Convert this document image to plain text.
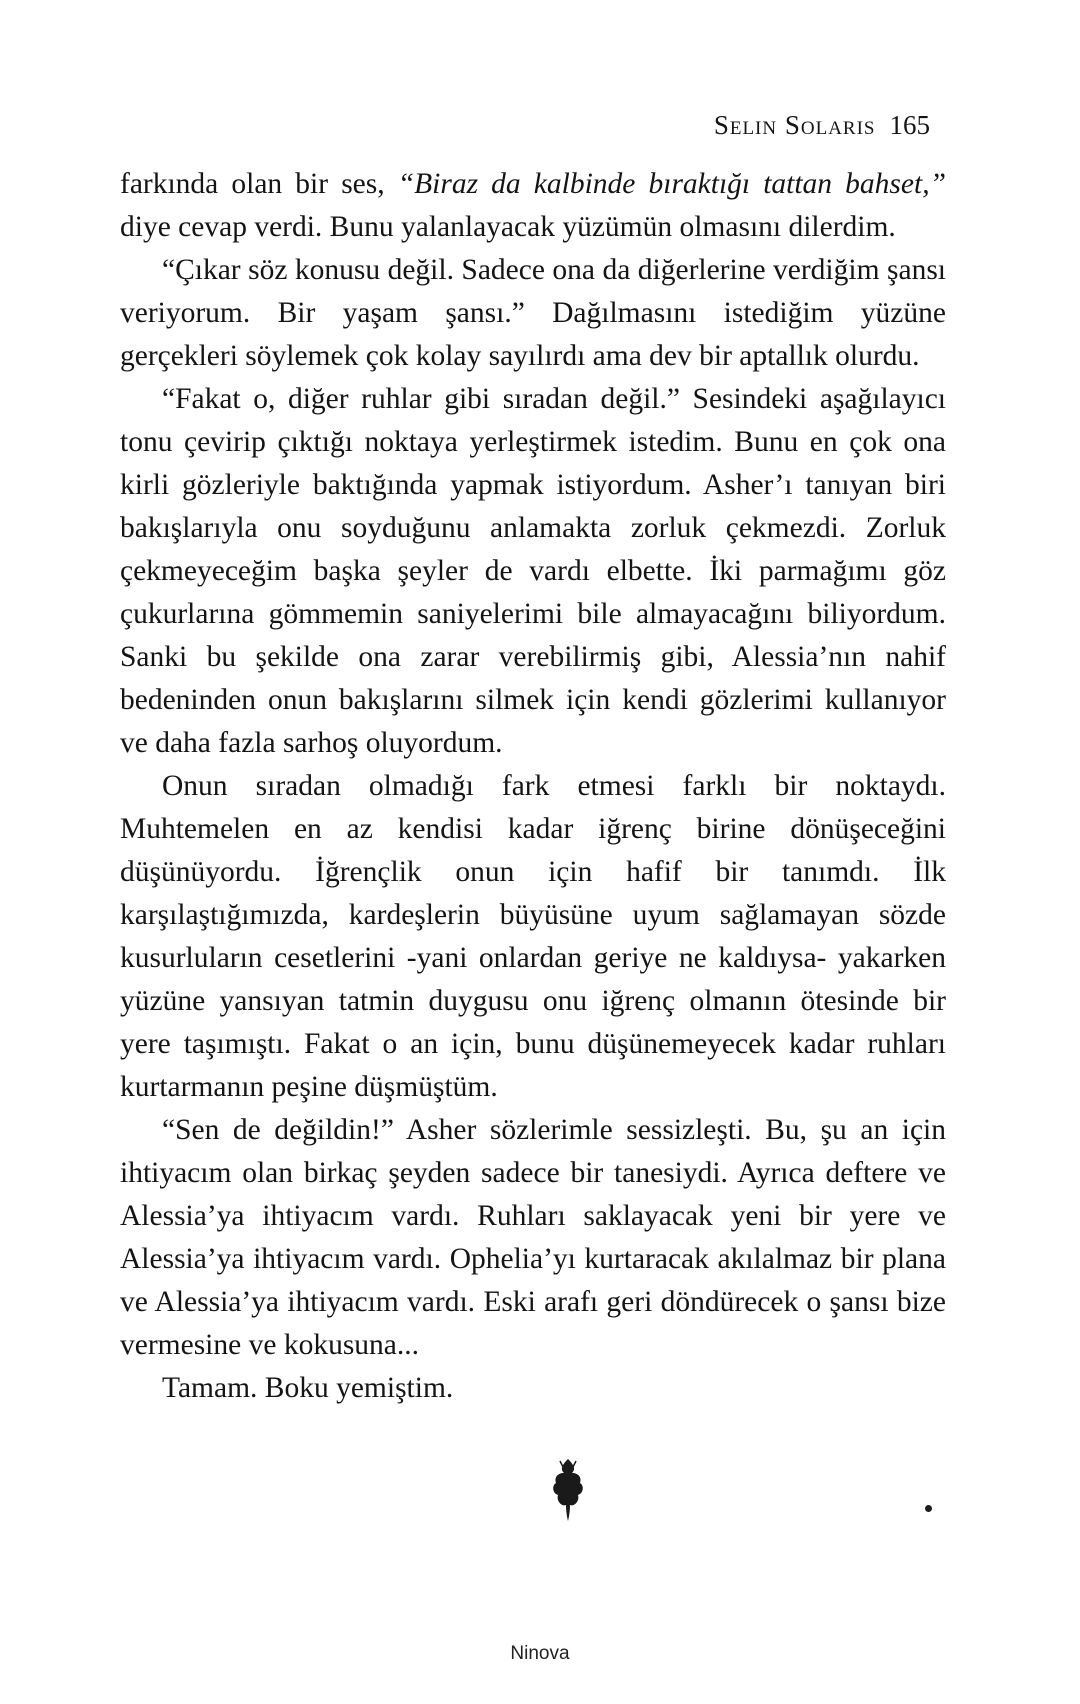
Selin Solaris 165

farkında olan bir ses, “Biraz da kalbinde bıraktığı tattan bahset,” diye cevap verdi. Bunu yalanlayacak yüzümün olmasını dilerdim.

“Çıkar söz konusu değil. Sadece ona da diğerlerine verdiğim şansı veriyorum. Bir yaşam şansı.” Dağılmasını istediğim yüzüne gerçekleri söylemek çok kolay sayılırdı ama dev bir aptallık olurdu.

“Fakat o, diğer ruhlar gibi sıradan değil.” Sesindeki aşağılayıcı tonu çevirip çıktığı noktaya yerleştirmek istedim. Bunu en çok ona kirli gözleriyle baktığında yapmak istiyordum. Asher’ı tanıyan biri bakışlarıyla onu soyduğunu anlamakta zorluk çekmezdi. Zorluk çekmeyeceğim başka şeyler de vardı elbette. İki parmağımı göz çukurlarına gömmemin saniyelerimi bile almayacağını biliyordum. Sanki bu şekilde ona zarar verebilirmiş gibi, Alessia’nın nahif bedeninden onun bakışlarını silmek için kendi gözlerimi kullanıyor ve daha fazla sarhoş oluyordum.

Onun sıradan olmadığı fark etmesi farklı bir noktaydı. Muhtemelen en az kendisi kadar iğrenç birine dönüşeceğini düşünüyordu. İğrençlik onun için hafif bir tanımdı. İlk karşılaştığımızda, kardeşlerin büyüsüne uyum sağlamayan sözde kusurluların cesetlerini -yani onlardan geriye ne kaldıysa- yakarken yüzüne yansıyan tatmin duygusu onu iğrenç olmanın ötesinde bir yere taşımıştı. Fakat o an için, bunu düşünemeyecek kadar ruhları kurtarmanın peşine düşmüştüm.

“Sen de değildin!” Asher sözlerimle sessizleşti. Bu, şu an için ihtiyacım olan birkaç şeyden sadece bir tanesiydi. Ayrıca deftere ve Alessia’ya ihtiyacım vardı. Ruhları saklayacak yeni bir yere ve Alessia’ya ihtiyacım vardı. Ophelia’yı kurtaracak akılalmaz bir plana ve Alessia’ya ihtiyacım vardı. Eski arafı geri döndürecek o şansı bize vermesine ve kokusuna...

Tamam. Boku yemiştim.

Ninova
